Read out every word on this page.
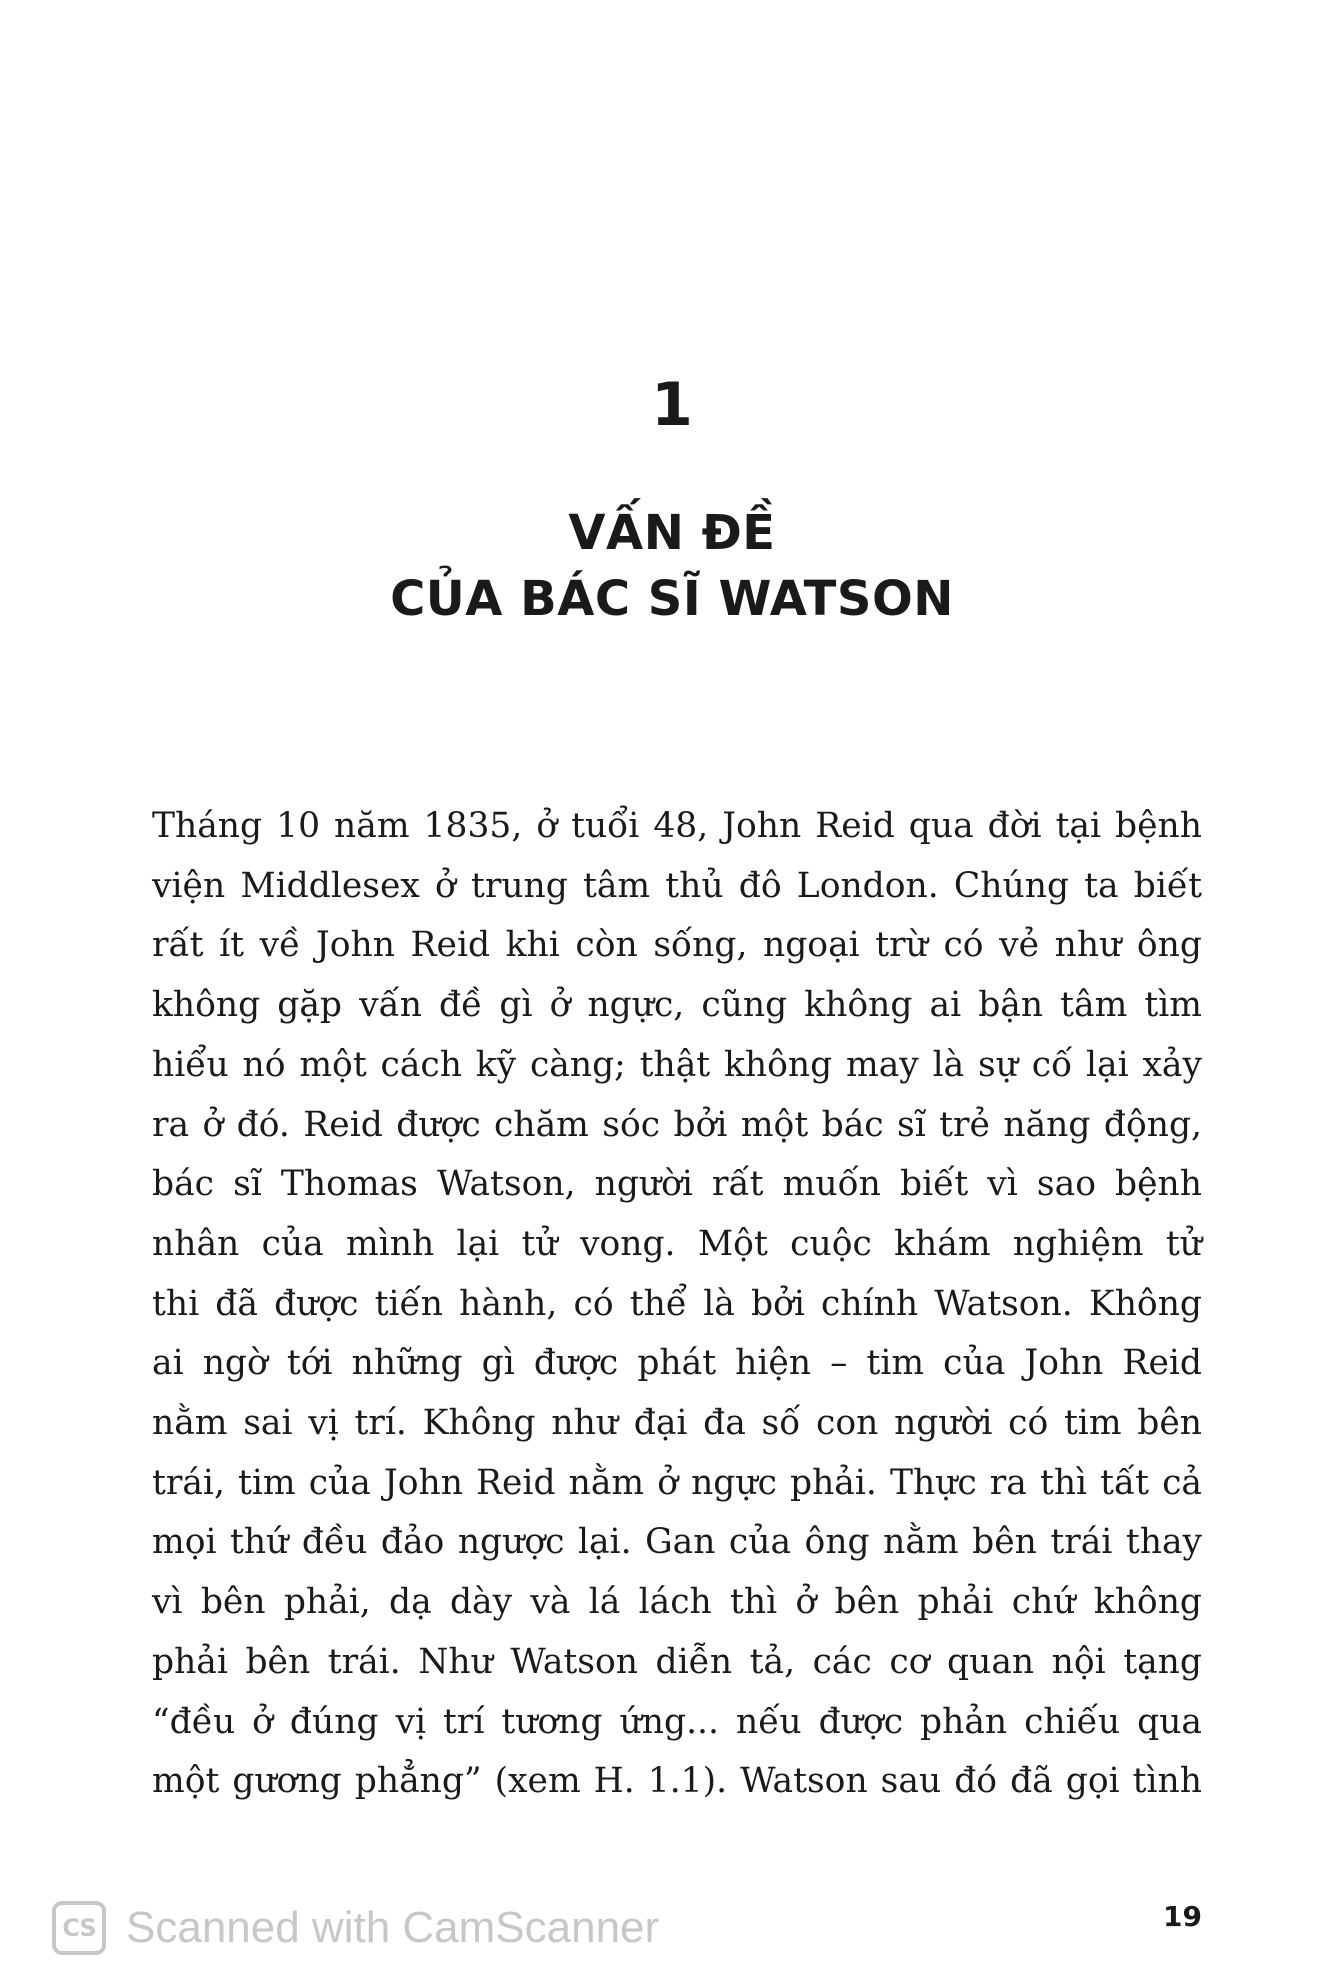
1
VẤN ĐỀ
CỦA BÁC SĨ WATSON
Tháng 10 năm 1835, ở tuổi 48, John Reid qua đời tại bệnh
viện Middlesex ở trung tâm thủ đô London. Chúng ta biết
rất ít về John Reid khi còn sống, ngoại trừ có vẻ như ông
không gặp vấn đề gì ở ngực, cũng không ai bận tâm tìm
hiểu nó một cách kỹ càng; thật không may là sự cố lại xảy
ra ở đó. Reid được chăm sóc bởi một bác sĩ trẻ năng động,
bác sĩ Thomas Watson, người rất muốn biết vì sao bệnh
nhân của mình lại tử vong. Một cuộc khám nghiệm tử
thi đã được tiến hành, có thể là bởi chính Watson. Không
ai ngờ tới những gì được phát hiện – tim của John Reid
nằm sai vị trí. Không như đại đa số con người có tim bên
trái, tim của John Reid nằm ở ngực phải. Thực ra thì tất cả
mọi thứ đều đảo ngược lại. Gan của ông nằm bên trái thay
vì bên phải, dạ dày và lá lách thì ở bên phải chứ không
phải bên trái. Như Watson diễn tả, các cơ quan nội tạng
“đều ở đúng vị trí tương ứng... nếu được phản chiếu qua
một gương phẳng” (xem H. 1.1). Watson sau đó đã gọi tình
CS Scanned with CamScanner	19
